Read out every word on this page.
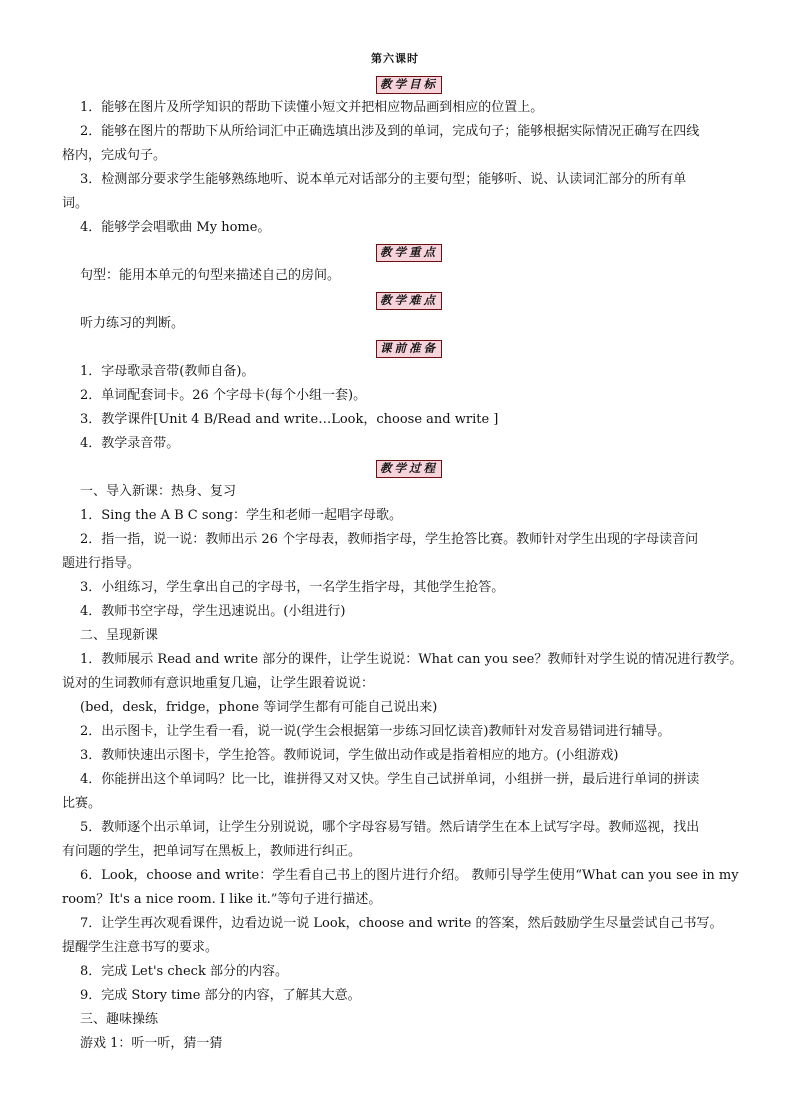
第六课时
教学目标
1．能够在图片及所学知识的帮助下读懂小短文并把相应物品画到相应的位置上。
2．能够在图片的帮助下从所给词汇中正确选填出涉及到的单词，完成句子；能够根据实际情况正确写在四线
格内，完成句子。
3．检测部分要求学生能够熟练地听、说本单元对话部分的主要句型；能够听、说、认读词汇部分的所有单
词。
4．能够学会唱歌曲 My home。
教学重点
句型：能用本单元的句型来描述自己的房间。
教学难点
听力练习的判断。
课前准备
1．字母歌录音带(教师自备)。
2．单词配套词卡。26 个字母卡(每个小组一套)。
3．教学课件[Unit 4 B/Read and write…Look，choose and write ]
4．教学录音带。
教学过程
一、导入新课：热身、复习
1．Sing the A B C song：学生和老师一起唱字母歌。
2．指一指，说一说：教师出示 26 个字母表，教师指字母，学生抢答比赛。教师针对学生出现的字母读音问
题进行指导。
3．小组练习，学生拿出自己的字母书，一名学生指字母，其他学生抢答。
4．教师书空字母，学生迅速说出。(小组进行)
二、呈现新课
1．教师展示 Read and write 部分的课件，让学生说说：What can you see？教师针对学生说的情况进行教学。
说对的生词教师有意识地重复几遍，让学生跟着说说：
(bed，desk，fridge，phone 等词学生都有可能自己说出来)
2．出示图卡，让学生看一看，说一说(学生会根据第一步练习回忆读音)教师针对发音易错词进行辅导。
3．教师快速出示图卡，学生抢答。教师说词，学生做出动作或是指着相应的地方。(小组游戏)
4．你能拼出这个单词吗？比一比，谁拼得又对又快。学生自己试拼单词，小组拼一拼，最后进行单词的拼读
比赛。
5．教师逐个出示单词，让学生分别说说，哪个字母容易写错。然后请学生在本上试写字母。教师巡视，找出
有问题的学生，把单词写在黑板上，教师进行纠正。
6．Look，choose and write：学生看自己书上的图片进行介绍。 教师引导学生使用“What can you see in my
room？It's a nice room. I like it.”等句子进行描述。
7．让学生再次观看课件，边看边说一说 Look，choose and write 的答案，然后鼓励学生尽量尝试自己书写。
提醒学生注意书写的要求。
8．完成 Let's check 部分的内容。
9．完成 Story time 部分的内容，了解其大意。
三、趣味操练
游戏 1：听一听，猜一猜
